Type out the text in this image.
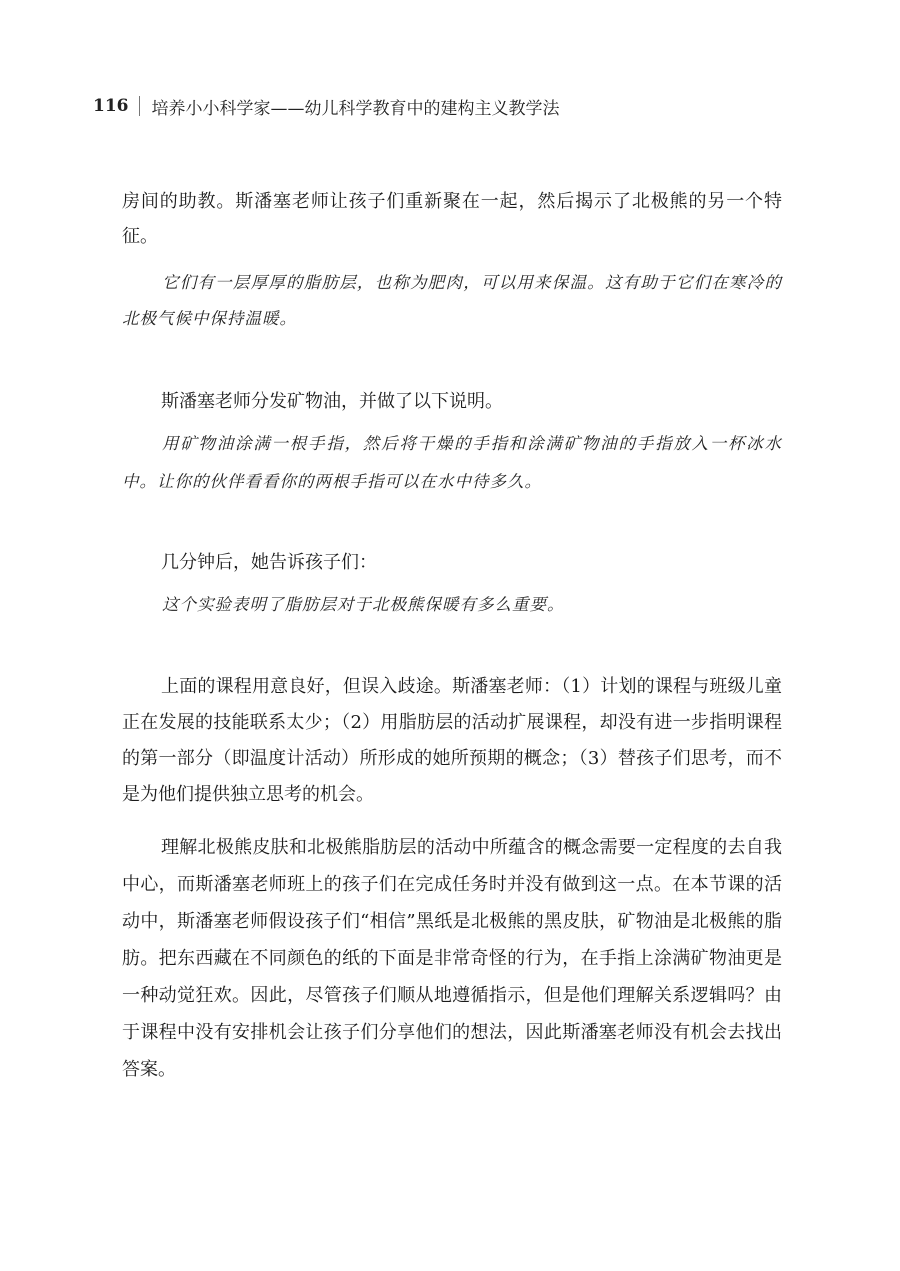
116 培养小小科学家——幼儿科学教育中的建构主义教学法

房间的助教。斯潘塞老师让孩子们重新聚在一起，然后揭示了北极熊的另一个特征。

它们有一层厚厚的脂肪层，也称为肥肉，可以用来保温。这有助于它们在寒冷的北极气候中保持温暖。

斯潘塞老师分发矿物油，并做了以下说明。

用矿物油涂满一根手指，然后将干燥的手指和涂满矿物油的手指放入一杯冰水中。让你的伙伴看看你的两根手指可以在水中待多久。

几分钟后，她告诉孩子们：

这个实验表明了脂肪层对于北极熊保暖有多么重要。

上面的课程用意良好，但误入歧途。斯潘塞老师：（1）计划的课程与班级儿童正在发展的技能联系太少；（2）用脂肪层的活动扩展课程，却没有进一步指明课程的第一部分（即温度计活动）所形成的她所预期的概念；（3）替孩子们思考，而不是为他们提供独立思考的机会。

理解北极熊皮肤和北极熊脂肪层的活动中所蕴含的概念需要一定程度的去自我中心，而斯潘塞老师班上的孩子们在完成任务时并没有做到这一点。在本节课的活动中，斯潘塞老师假设孩子们“相信”黑纸是北极熊的黑皮肤，矿物油是北极熊的脂肪。把东西藏在不同颜色的纸的下面是非常奇怪的行为，在手指上涂满矿物油更是一种动觉狂欢。因此，尽管孩子们顺从地遵循指示，但是他们理解关系逻辑吗？由于课程中没有安排机会让孩子们分享他们的想法，因此斯潘塞老师没有机会去找出答案。
